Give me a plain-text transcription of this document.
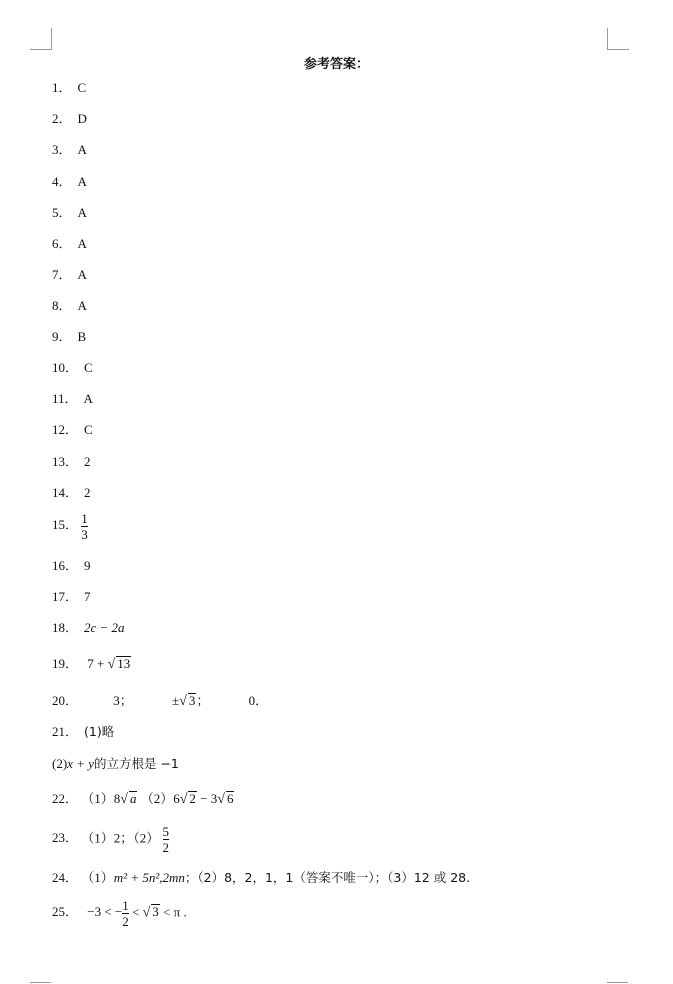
参考答案：
1． C
2． D
3． A
4． A
5． A
6． A
7． A
8． A
9． B
10． C
11． A
12． C
13． 2
14． 2
15． $\frac{1}{3}$
16． 9
17． 7
18． 2c − 2a
19． 7 + √ 13
20．	3；	±√ 3；	0．
21． (1)略
(2)x + y的立方根是 −1
22． （1）8√ a （2）6√ 2 − 3√ 6
23． （1）2；$(2) \frac{5}{2}$
24． （1）m² + 5n²,2mn；（2）8，2，1，1（答案不唯一）；（3）12 或 28.
25． −3 < − $\frac{1}{2}$ < √ 3 < π .
